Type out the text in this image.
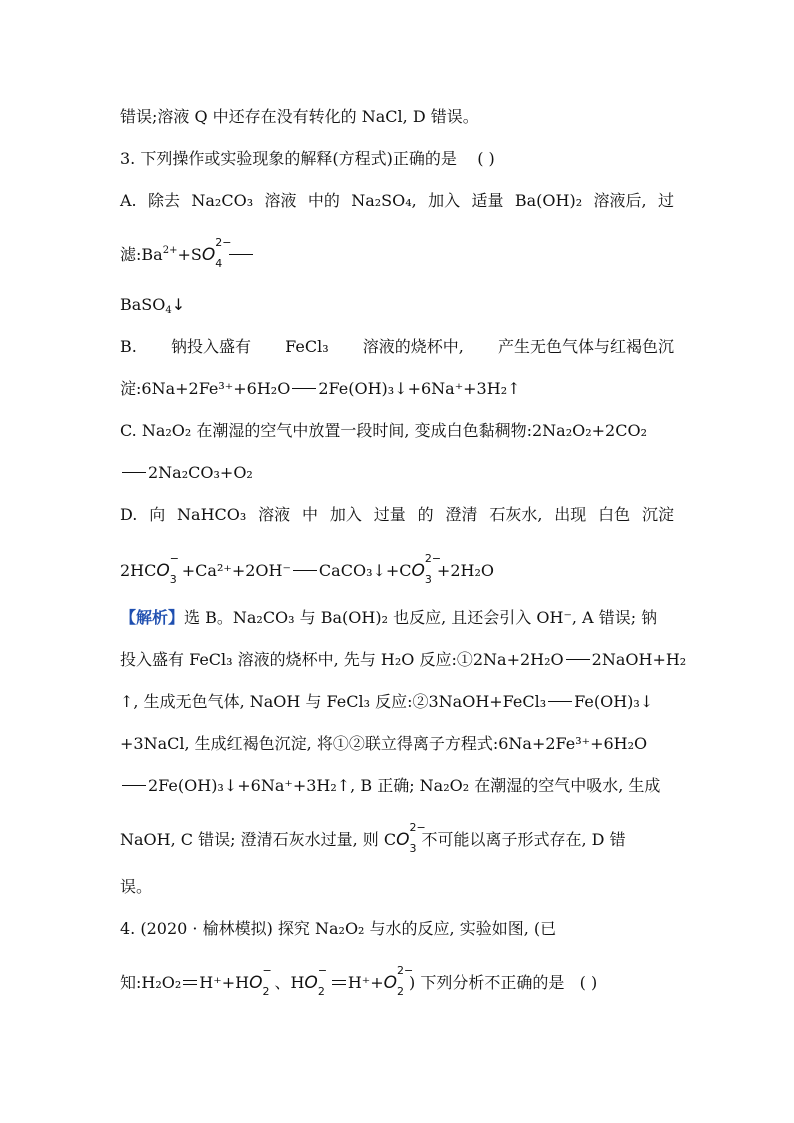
错误;溶液 Q 中还存在没有转化的 NaCl, D 错误。
3. 下列操作或实验现象的解释(方程式)正确的是 ( )
A. 除去 Na₂CO₃ 溶液 中的 Na₂SO₄, 加入 适量 Ba(OH)₂ 溶液后, 过
滤$:Ba^{2+}+SO$
2−
4
BaSO$_4$↓
B. 钠投入盛有 FeCl₃ 溶液的烧杯中, 产生无色气体与红褐色沉
淀:6Na+2Fe³⁺+6H₂O 2Fe(OH)₃↓+6Na⁺+3H₂↑
C. Na₂O₂ 在潮湿的空气中放置一段时间, 变成白色黏稠物:2Na₂O₂+2CO₂
2Na₂CO₃+O₂
D. 向 NaHCO₃ 溶液 中 加入 过量 的 澄清 石灰水, 出现 白色 沉淀
2HCO
−
3 +Ca²⁺+2OH⁻ CaCO₃↓+CO
2−
3 +2H₂O
【解析】选 B。Na₂CO₃ 与 Ba(OH)₂ 也反应, 且还会引入 OH⁻, A 错误; 钠
投入盛有 FeCl₃ 溶液的烧杯中, 先与 H₂O 反应:①2Na+2H₂O 2NaOH+H₂
↑, 生成无色气体, NaOH 与 FeCl₃ 反应:②3NaOH+FeCl₃ Fe(OH)₃↓
+3NaCl, 生成红褐色沉淀, 将①②联立得离子方程式:6Na+2Fe³⁺+6H₂O
2Fe(OH)₃↓+6Na⁺+3H₂↑, B 正确; Na₂O₂ 在潮湿的空气中吸水, 生成
NaOH, C 错误; 澄清石灰水过量, 则 CO
2−
3 不可能以离子形式存在, D 错
误。
4. (2020 · 榆林模拟) 探究 Na₂O₂ 与水的反应, 实验如图, (已
知:H₂O₂ H⁺+HO
−
2 、HO
−
2 H⁺+O
2−
2 ) 下列分析不正确的是 ( )
